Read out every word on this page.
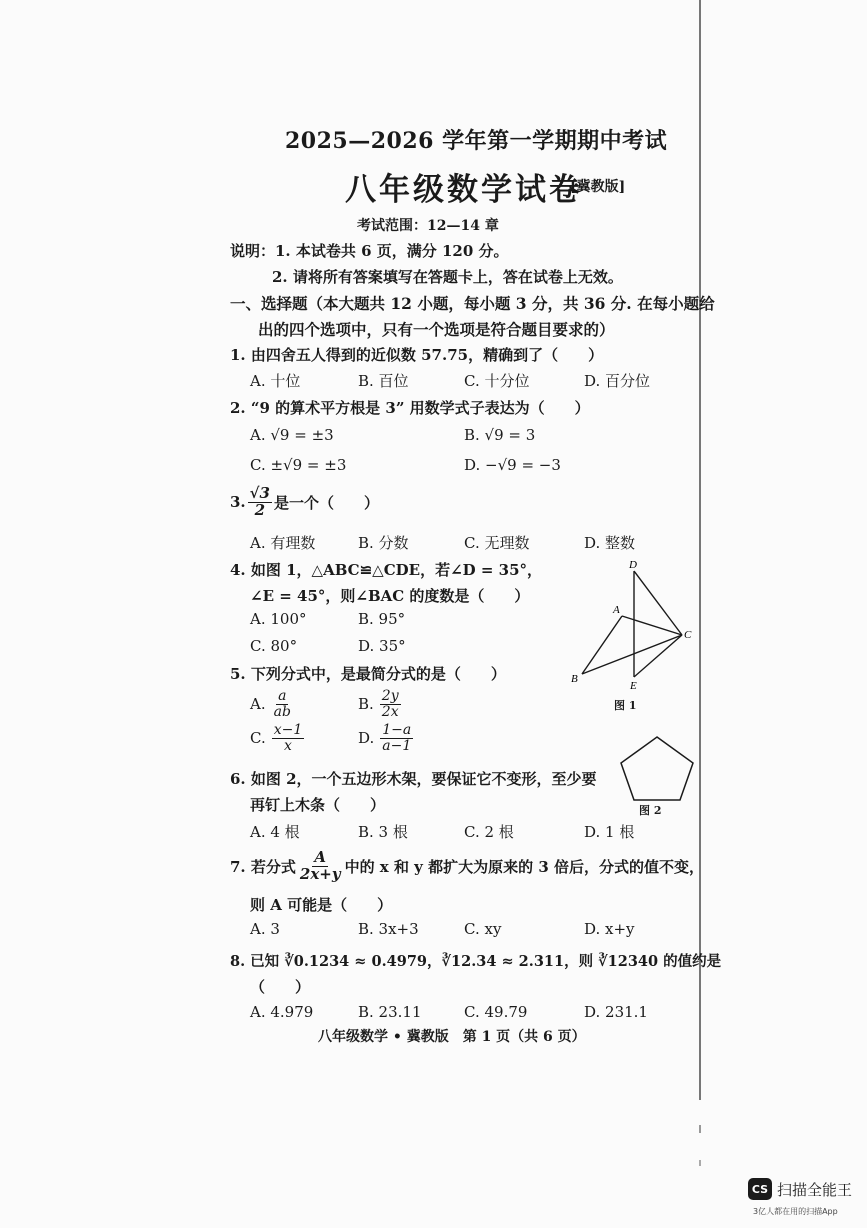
2025—2026 学年第一学期期中考试
八年级数学试卷
[冀教版]
考试范围：12—14 章
说明：1. 本试卷共 6 页，满分 120 分。
2. 请将所有答案填写在答题卡上，答在试卷上无效。
一、选择题（本大题共 12 小题，每小题 3 分，共 36 分. 在每小题给
出的四个选项中，只有一个选项是符合题目要求的）
1. 由四舍五人得到的近似数 57.75，精确到了（　　）
A. 十位	B. 百位	C. 十分位	D. 百分位
2. “9 的算术平方根是 3” 用数学式子表达为（　　）
A. √9 = ±3	B. √9 = 3
C. ±√9 = ±3	D. −√9 = −3
3. $\frac{√3}{2}$ 是一个（　　）
A. 有理数	B. 分数	C. 无理数	D. 整数
4. 如图 1，△ABC≌△CDE，若∠D = 35°，
∠E = 45°，则∠BAC 的度数是（　　）
A. 100°	B. 95°
C. 80°	D. 35°
D
A
C
B
E
图 1
5. 下列分式中，是最简分式的是（　　）
A. $\frac{a}{ab}$	B. $\frac{2y}{2x}$
C. $\frac{x-1}{x}$	D. $\frac{1-a}{a-1}$
图 2
6. 如图 2，一个五边形木架，要保证它不变形，至少要
再钉上木条（　　）
A. 4 根	B. 3 根	C. 2 根	D. 1 根
7. 若分式 $\frac{A}{2x+y}$ 中的 x 和 y 都扩大为原来的 3 倍后，分式的值不变，
则 A 可能是（　　）
A. 3	B. 3x+3	C. xy	D. x+y
8. 已知 ∛0.1234 ≈ 0.4979，∛12.34 ≈ 2.311，则 ∛12340 的值约是
（　　）
A. 4.979	B. 23.11	C. 49.79	D. 231.1
八年级数学 • 冀教版　第 1 页（共 6 页）
CS 扫描全能王
3亿人都在用的扫描App
